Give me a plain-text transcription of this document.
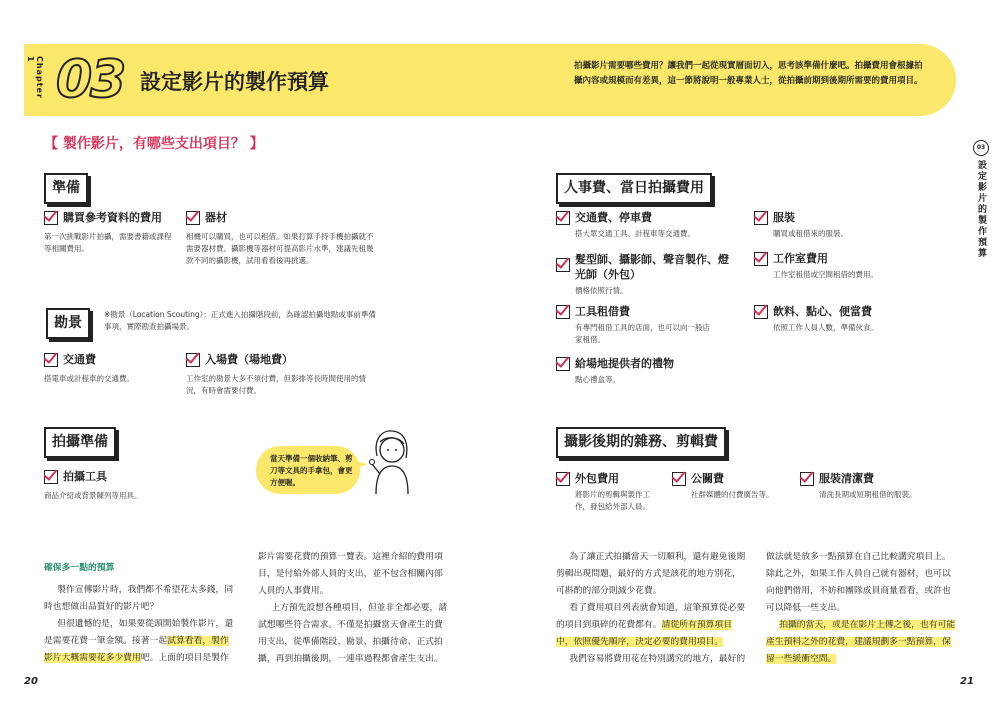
Chapter 1 03 設定影片的製作預算
拍攝影片需要哪些費用？讓我們一起從現實層面切入，思考該準備什麼吧。拍攝費用會根據拍攝內容或規模而有差異，這一節將說明一般專業人士，從拍攝前期到後期所需要的費用項目。
【 製作影片，有哪些支出項目？ 】
準備
購買參考資料的費用
第一次挑戰影片拍攝，需要書籍或課程等相關費用。
器材
相機可以購買，也可以租借。如果打算手持手機拍攝就不需要器材費。攝影機等器材可提高影片水準，建議先租幾款不同的攝影機，試用看看後再挑選。
勘景
※勘景（Location Scouting）：正式進入拍攝階段前，為確認拍攝地點或事前準備事項，實際勘查拍攝場景。
交通費
搭電車或計程車的交通費。
入場費（場地費）
工作室的勘景大多不須付費，但影排等長時間使用的情況，有時會需要付費。
拍攝準備
拍攝工具
商品介紹或背景陳列等用具。
當天準備一個收納筆、剪刀等文具的手拿包，會更方便喔。
確保多一點的預算
製作宣傳影片時，我們都不希望花太多錢，同時也想做出品質好的影片吧？
但很遺憾的是，如果要從頭開始製作影片，還是需要花費一筆金額。接著一起試算看看，製作影片大概需要花多少費用吧。上面的項目是製作
影片需要花費的預算一覽表。這裡介紹的費用項目，是付給外部人員的支出，並不包含相關內部人員的人事費用。
上方預先設想各種項目，但並非全都必要，請試想哪些符合需求。不僅是拍攝當天會產生的費用支出，從準備階段、勘景、拍攝待命、正式拍攝，再到拍攝後期，一連串過程都會產生支出。
20
人事費、當日拍攝費用
交通費、停車費
搭大眾交通工具、計程車等交通費。
服裝
購買或租借來的服裝。
髮型師、攝影師、聲音製作、燈光師（外包）
價格依照行情。
工作室費用
工作室租借或空間租借的費用。
工具租借費
有專門租借工具的店面，也可以向一般店家租借。
飲料、點心、便當費
依照工作人員人數，準備伙食。
給場地提供者的禮物
點心禮盒等。
攝影後期的雜務、剪輯費
外包費用
將影片的剪輯與製作工作，發包給外部人員。
公關費
社群媒體的付費廣告等。
服裝清潔費
清洗長期或短期租借的服裝。
為了讓正式拍攝當天一切順利，還有避免後期剪輯出現問題，最好的方式是該花的地方別花，可斟酌的部分則減少花費。
看了費用項目列表就會知道，這筆預算從必要的項目到瑣碎的花費都有。請從所有預算項目中，依照優先順序，決定必要的費用項目。
我們容易將費用花在特別講究的地方，最好的
做法就是放多一點預算在自己比較講究項目上。除此之外，如果工作人員自己就有器材，也可以向他們借用，不妨和團隊成員商量看看，或許也可以降低一些支出。
拍攝的當天，或是在影片上傳之後，也有可能產生預料之外的花費，建議規劃多一點預算，保留一些緩衝空間。
21
03
設定影片的製作預算
